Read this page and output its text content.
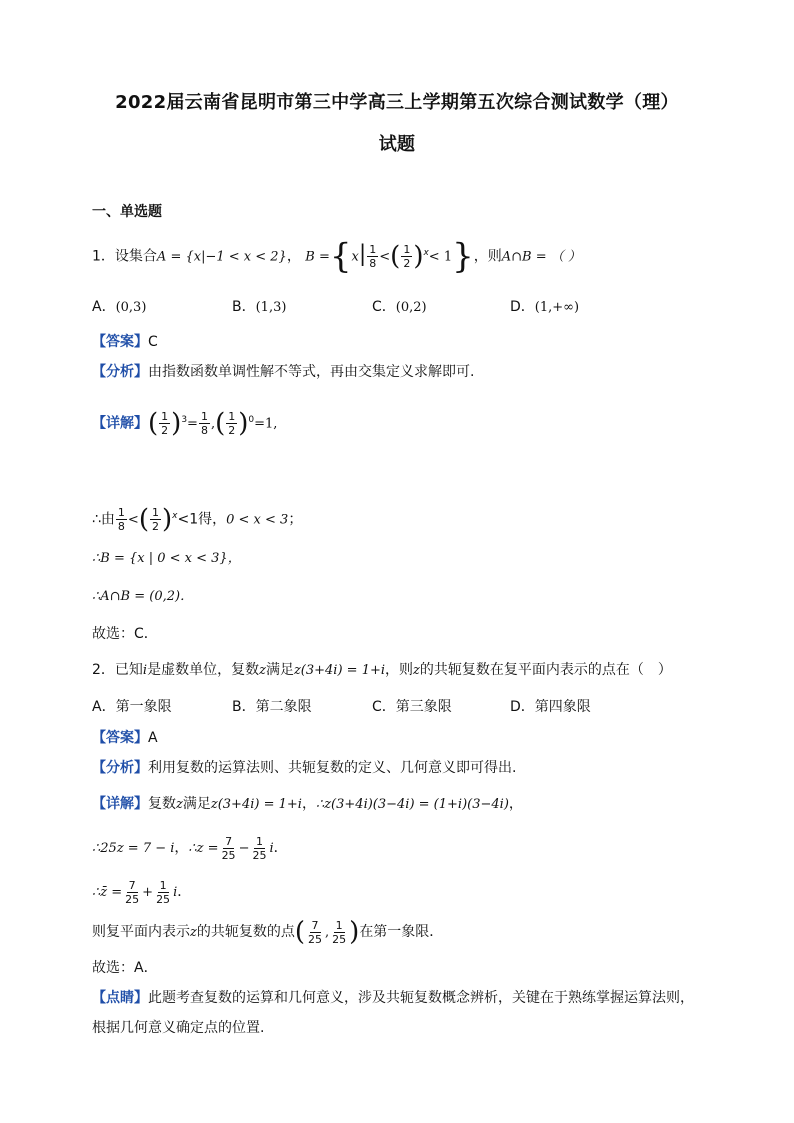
2022届云南省昆明市第三中学高三上学期第五次综合测试数学（理）
试题
一、单选题
1．设集合A = {x|−1 < x < 2}， $B =\{x| \frac{1}{8}$ <( $\frac{1}{2} )^x< 1$}，则A∩B = （ ）
A．(0,3)	B．(1,3)	C．(0,2)	D．(1,+∞)
【答案】C
【分析】由指数函数单调性解不等式，再由交集定义求解即可.
【详解】( $\frac{1}{2} )^3= \frac{1}{8}$ ,( $\frac{1}{2} )^0=1$,
∴由 $\frac{1}{8}$ <( $\frac{1}{2} )^x<1$得，0 < x < 3；
∴B = {x | 0 < x < 3}，
∴A∩B = (0,2)．
故选：C．
2．已知i是虚数单位，复数z满足z(3+4i) = 1+i，则z的共轭复数在复平面内表示的点在（　）
A．第一象限	B．第二象限	C．第三象限	D．第四象限
【答案】A
【分析】利用复数的运算法则、共轭复数的定义、几何意义即可得出.
【详解】复数z满足z(3+4i) = 1+i，∴z(3+4i)(3−4i) = (1+i)(3−4i)，
∴25z = 7 − i，∴z = $\frac{7}{25} - \frac{1}{25}$ i．
∴z̄ = $\frac{7}{25} + \frac{1}{25}$ i．
则复平面内表示z的共轭复数的点( $\frac{7}{25}$ , $\frac{1}{25}$ )在第一象限．
故选：A．
【点睛】此题考查复数的运算和几何意义，涉及共轭复数概念辨析，关键在于熟练掌握运算法则，
根据几何意义确定点的位置.
